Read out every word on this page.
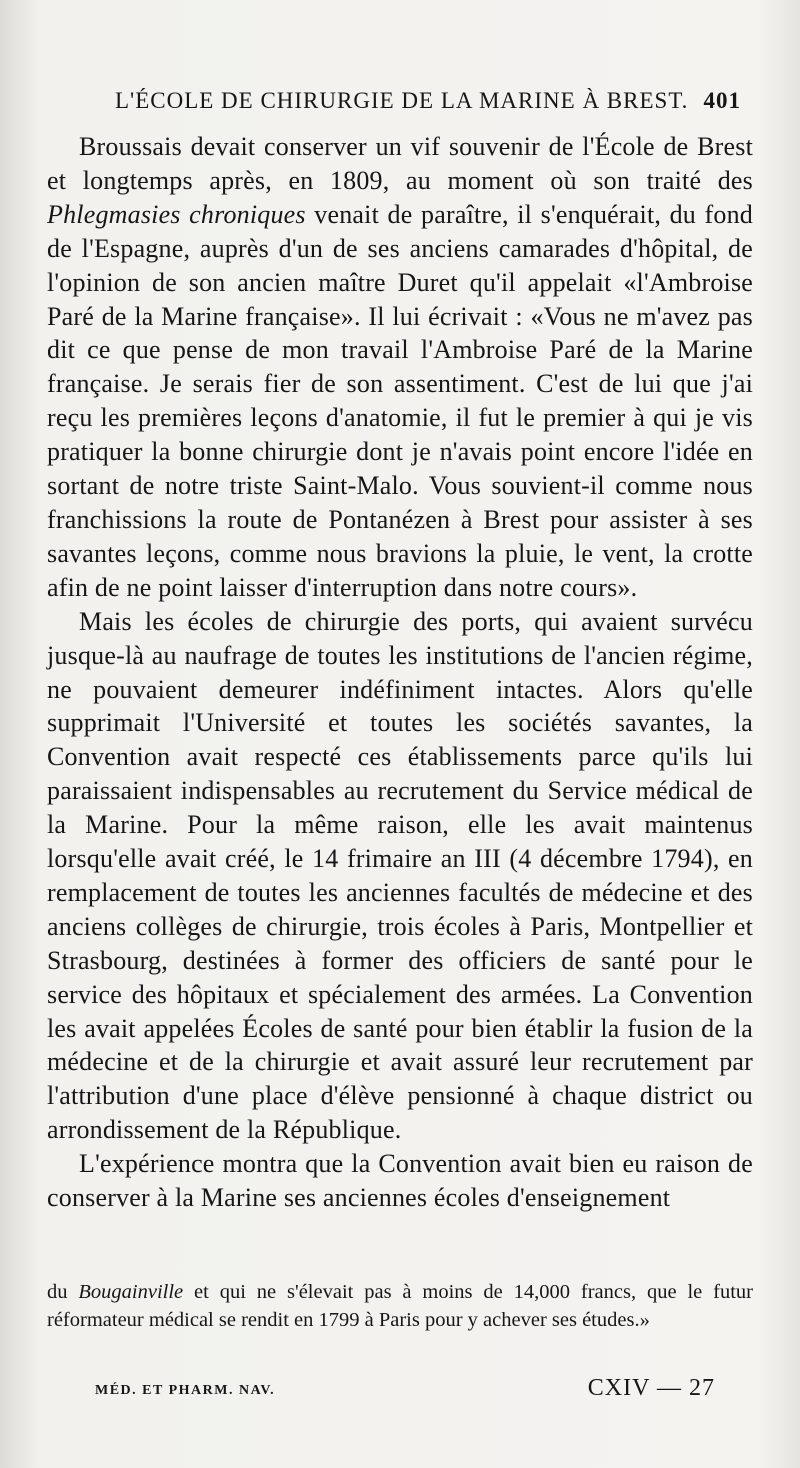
L'ÉCOLE DE CHIRURGIE DE LA MARINE À BREST. 401

Broussais devait conserver un vif souvenir de l'École de Brest et longtemps après, en 1809, au moment où son traité des Phlegmasies chroniques venait de paraître, il s'enquérait, du fond de l'Espagne, auprès d'un de ses anciens camarades d'hôpital, de l'opinion de son ancien maître Duret qu'il appelait «l'Ambroise Paré de la Marine française». Il lui écrivait : «Vous ne m'avez pas dit ce que pense de mon travail l'Ambroise Paré de la Marine française. Je serais fier de son assentiment. C'est de lui que j'ai reçu les premières leçons d'anatomie, il fut le premier à qui je vis pratiquer la bonne chirurgie dont je n'avais point encore l'idée en sortant de notre triste Saint-Malo. Vous souvient-il comme nous franchissions la route de Pontanézen à Brest pour assister à ses savantes leçons, comme nous bravions la pluie, le vent, la crotte afin de ne point laisser d'interruption dans notre cours».

Mais les écoles de chirurgie des ports, qui avaient survécu jusque-là au naufrage de toutes les institutions de l'ancien régime, ne pouvaient demeurer indéfiniment intactes. Alors qu'elle supprimait l'Université et toutes les sociétés savantes, la Convention avait respecté ces établissements parce qu'ils lui paraissaient indispensables au recrutement du Service médical de la Marine. Pour la même raison, elle les avait maintenus lorsqu'elle avait créé, le 14 frimaire an III (4 décembre 1794), en remplacement de toutes les anciennes facultés de médecine et des anciens collèges de chirurgie, trois écoles à Paris, Montpellier et Strasbourg, destinées à former des officiers de santé pour le service des hôpitaux et spécialement des armées. La Convention les avait appelées Écoles de santé pour bien établir la fusion de la médecine et de la chirurgie et avait assuré leur recrutement par l'attribution d'une place d'élève pensionné à chaque district ou arrondissement de la République.

L'expérience montra que la Convention avait bien eu raison de conserver à la Marine ses anciennes écoles d'enseignement

du Bougainville et qui ne s'élevait pas à moins de 14,000 francs, que le futur réformateur médical se rendit en 1799 à Paris pour y achever ses études.»

MÉD. ET PHARM. NAV.	CXIV — 27
